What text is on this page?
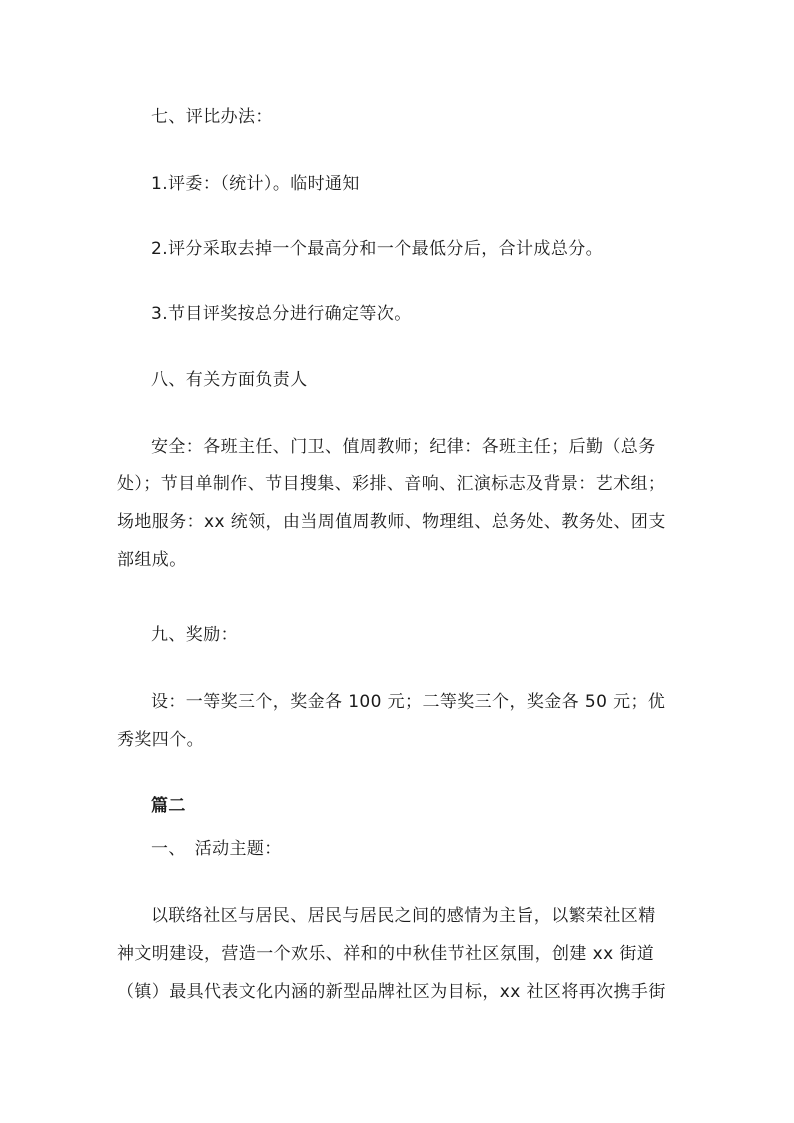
七、评比办法：
1.评委：（统计）。临时通知
2.评分采取去掉一个最高分和一个最低分后，合计成总分。
3.节目评奖按总分进行确定等次。
八、有关方面负责人
安全：各班主任、门卫、值周教师；纪律：各班主任；后勤（总务
处）；节目单制作、节目搜集、彩排、音响、汇演标志及背景：艺术组；
场地服务：xx 统领，由当周值周教师、物理组、总务处、教务处、团支
部组成。
九、奖励：
设：一等奖三个，奖金各 100 元；二等奖三个，奖金各 50 元；优
秀奖四个。
篇二
一、　活动主题：
以联络社区与居民、居民与居民之间的感情为主旨，以繁荣社区精
神文明建设，营造一个欢乐、祥和的中秋佳节社区氛围，创建 xx 街道
（镇）最具代表文化内涵的新型品牌社区为目标，xx 社区将再次携手街
